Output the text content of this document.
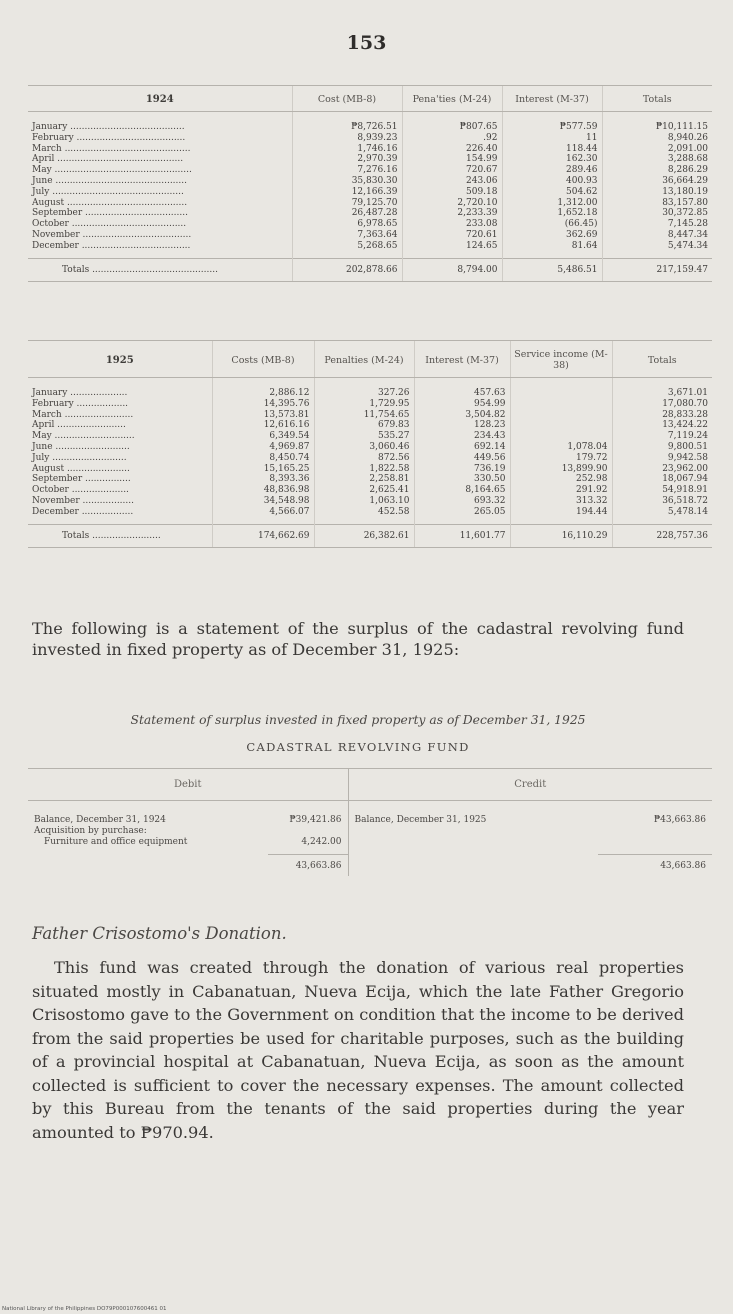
153
1924	Cost (MB-8)	Pena'ties (M-24)	Interest (M-37)	Totals
January ........................................	₱8,726.51	₱807.65	₱577.59	₱10,111.15
February ......................................	8,939.23	.92	11	8,940.26
March ............................................	1,746.16	226.40	118.44	2,091.00
April ............................................	2,970.39	154.99	162.30	3,288.68
May ................................................	7,276.16	720.67	289.46	8,286.29
June ..............................................	35,830.30	243.06	400.93	36,664.29
July ..............................................	12,166.39	509.18	504.62	13,180.19
August ..........................................	79,125.70	2,720.10	1,312.00	83,157.80
September ....................................	26,487.28	2,233.39	1,652.18	30,372.85
October ........................................	6,978.65	233.08	(66.45)	7,145.28
November ......................................	7,363.64	720.61	362.69	8,447.34
December ......................................	5,268.65	124.65	81.64	5,474.34
Totals ............................................	202,878.66	8,794.00	5,486.51	217,159.47
1925	Costs (MB-8)	Penalties (M-24)	Interest (M-37)	Service income (M-38)	Totals
January ....................	2,886.12	327.26	457.63		3,671.01
February ..................	14,395.76	1,729.95	954.99		17,080.70
March ........................	13,573.81	11,754.65	3,504.82		28,833.28
April ........................	12,616.16	679.83	128.23		13,424.22
May ............................	6,349.54	535.27	234.43		7,119.24
June ..........................	4,969.87	3,060.46	692.14	1,078.04	9,800.51
July ..........................	8,450.74	872.56	449.56	179.72	9,942.58
August ......................	15,165.25	1,822.58	736.19	13,899.90	23,962.00
September ................	8,393.36	2,258.81	330.50	252.98	18,067.94
October ....................	48,836.98	2,625.41	8,164.65	291.92	54,918.91
November ..................	34,548.98	1,063.10	693.32	313.32	36,518.72
December ..................	4,566.07	452.58	265.05	194.44	5,478.14
Totals ........................	174,662.69	26,382.61	11,601.77	16,110.29	228,757.36
The following is a statement of the surplus of the cadastral revolving fund invested in fixed property as of December 31, 1925:
Statement of surplus invested in fixed property as of December 31, 1925
CADASTRAL REVOLVING FUND
Debit		Credit	
Balance, December 31, 1924	₱39,421.86	Balance, December 31, 1925	₱43,663.86
Acquisition by purchase:			
Furniture and office equipment	4,242.00		

	43,663.86		43,663.86
Father Crisostomo's Donation.
This fund was created through the donation of various real properties situated mostly in Cabanatuan, Nueva Ecija, which the late Father Gregorio Crisostomo gave to the Government on condition that the income to be derived from the said properties be used for charitable purposes, such as the building of a provincial hospital at Cabanatuan, Nueva Ecija, as soon as the amount collected is sufficient to cover the necessary expenses. The amount collected by this Bureau from the tenants of the said properties during the year amounted to ₱970.94.
National Library of the Philippines DO79P000107600461 01
